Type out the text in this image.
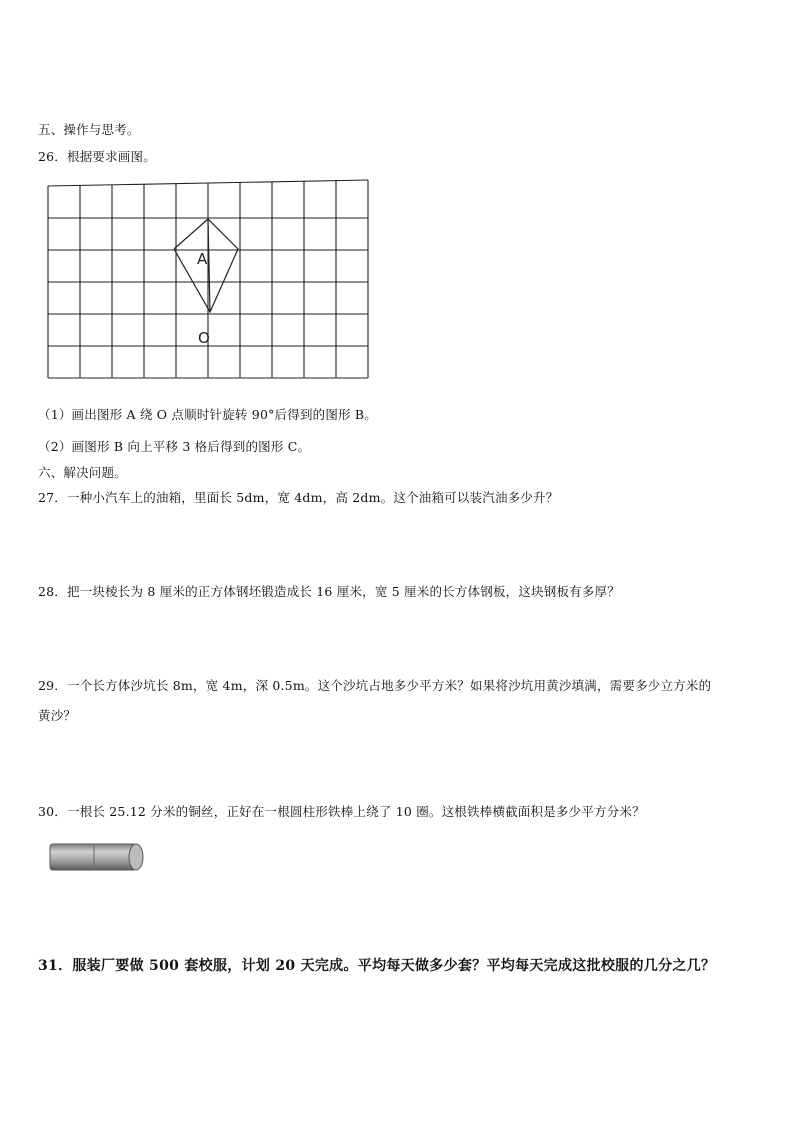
五、操作与思考。
26．根据要求画图。
A
O
（1）画出图形 A 绕 O 点顺时针旋转 90°后得到的图形 B。
（2）画图形 B 向上平移 3 格后得到的图形 C。
六、解决问题。
27．一种小汽车上的油箱，里面长 5dm，宽 4dm，高 2dm。这个油箱可以装汽油多少升？
28．把一块棱长为 8 厘米的正方体钢坯锻造成长 16 厘米，宽 5 厘米的长方体钢板，这块钢板有多厚？
29．一个长方体沙坑长 8m，宽 4m，深 0.5m。这个沙坑占地多少平方米？如果将沙坑用黄沙填满，需要多少立方米的
黄沙？
30．一根长 25.12 分米的铜丝，正好在一根圆柱形铁棒上绕了 10 圈。这根铁棒横截面积是多少平方分米？
31．服装厂要做 500 套校服，计划 20 天完成。平均每天做多少套？平均每天完成这批校服的几分之几？
